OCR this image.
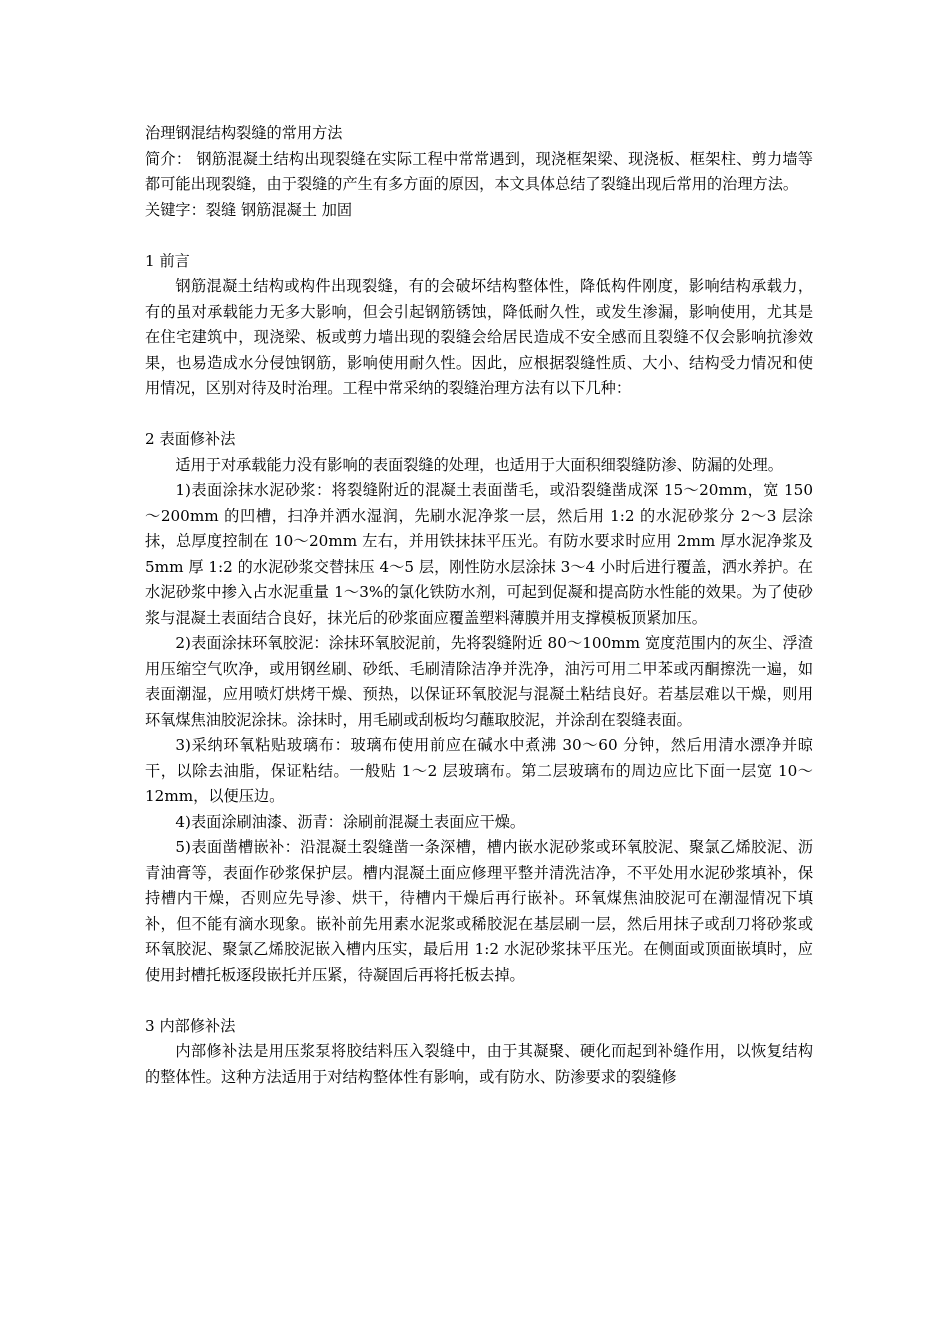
治理钢混结构裂缝的常用方法

简介： 钢筋混凝土结构出现裂缝在实际工程中常常遇到，现浇框架梁、现浇板、框架柱、剪力墙等都可能出现裂缝，由于裂缝的产生有多方面的原因，本文具体总结了裂缝出现后常用的治理方法。

关键字：裂缝 钢筋混凝土 加固

1 前言

钢筋混凝土结构或构件出现裂缝，有的会破坏结构整体性，降低构件刚度，影响结构承载力，有的虽对承载能力无多大影响，但会引起钢筋锈蚀，降低耐久性，或发生渗漏，影响使用，尤其是在住宅建筑中，现浇梁、板或剪力墙出现的裂缝会给居民造成不安全感而且裂缝不仅会影响抗渗效果，也易造成水分侵蚀钢筋，影响使用耐久性。因此，应根据裂缝性质、大小、结构受力情况和使用情况，区别对待及时治理。工程中常采纳的裂缝治理方法有以下几种：

2 表面修补法

适用于对承载能力没有影响的表面裂缝的处理，也适用于大面积细裂缝防渗、防漏的处理。

1)表面涂抹水泥砂浆：将裂缝附近的混凝土表面凿毛，或沿裂缝凿成深 15～20mm，宽 150～200mm 的凹槽，扫净并洒水湿润，先刷水泥净浆一层，然后用 1:2 的水泥砂浆分 2～3 层涂抹，总厚度控制在 10～20mm 左右，并用铁抹抹平压光。有防水要求时应用 2mm 厚水泥净浆及 5mm 厚 1:2 的水泥砂浆交替抹压 4～5 层，刚性防水层涂抹 3～4 小时后进行覆盖，洒水养护。在水泥砂浆中掺入占水泥重量 1～3%的氯化铁防水剂，可起到促凝和提高防水性能的效果。为了使砂浆与混凝土表面结合良好，抹光后的砂浆面应覆盖塑料薄膜并用支撑模板顶紧加压。

2)表面涂抹环氧胶泥：涂抹环氧胶泥前，先将裂缝附近 80～100mm 宽度范围内的灰尘、浮渣用压缩空气吹净，或用钢丝刷、砂纸、毛刷清除洁净并洗净，油污可用二甲苯或丙酮擦洗一遍，如表面潮湿，应用喷灯烘烤干燥、预热，以保证环氧胶泥与混凝土粘结良好。若基层难以干燥，则用环氧煤焦油胶泥涂抹。涂抹时，用毛刷或刮板均匀蘸取胶泥，并涂刮在裂缝表面。

3)采纳环氧粘贴玻璃布：玻璃布使用前应在碱水中煮沸 30～60 分钟，然后用清水漂净并晾干，以除去油脂，保证粘结。一般贴 1～2 层玻璃布。第二层玻璃布的周边应比下面一层宽 10～12mm，以便压边。

4)表面涂刷油漆、沥青：涂刷前混凝土表面应干燥。

5)表面凿槽嵌补：沿混凝土裂缝凿一条深槽，槽内嵌水泥砂浆或环氧胶泥、聚氯乙烯胶泥、沥青油膏等，表面作砂浆保护层。槽内混凝土面应修理平整并清洗洁净，不平处用水泥砂浆填补，保持槽内干燥，否则应先导渗、烘干，待槽内干燥后再行嵌补。环氧煤焦油胶泥可在潮湿情况下填补，但不能有滴水现象。嵌补前先用素水泥浆或稀胶泥在基层刷一层，然后用抹子或刮刀将砂浆或环氧胶泥、聚氯乙烯胶泥嵌入槽内压实，最后用 1:2 水泥砂浆抹平压光。在侧面或顶面嵌填时，应使用封槽托板逐段嵌托并压紧，待凝固后再将托板去掉。

3 内部修补法

内部修补法是用压浆泵将胶结料压入裂缝中，由于其凝聚、硬化而起到补缝作用，以恢复结构的整体性。这种方法适用于对结构整体性有影响，或有防水、防渗要求的裂缝修
